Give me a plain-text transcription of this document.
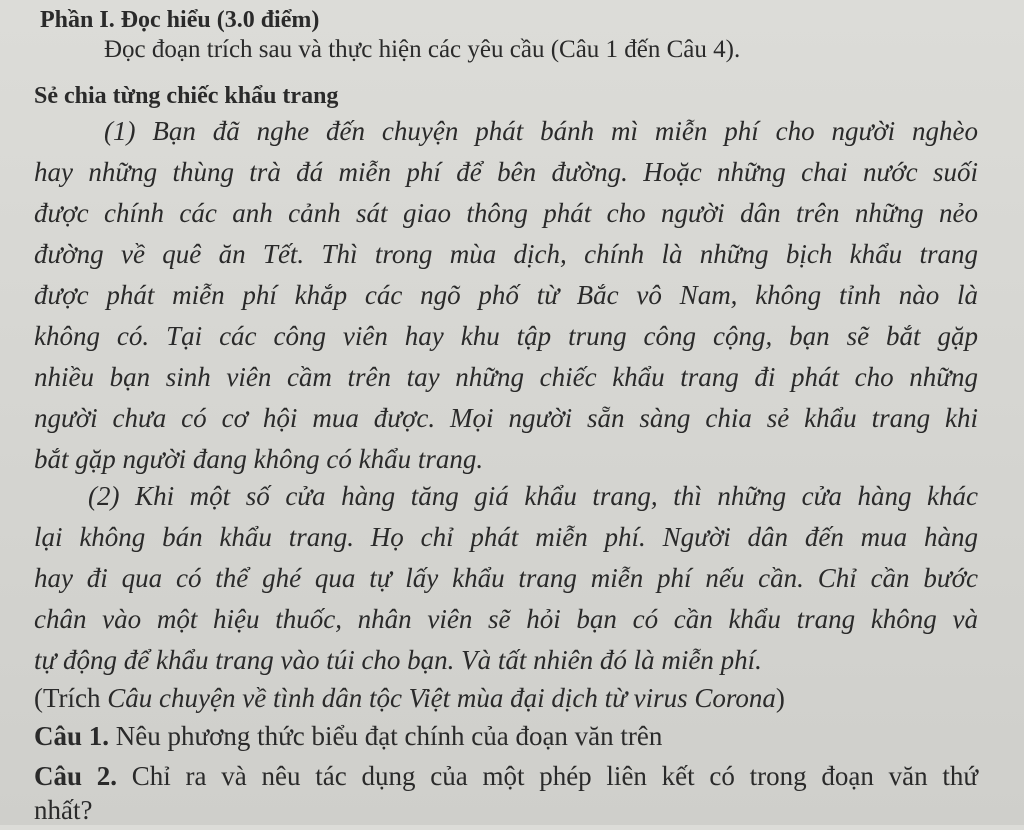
Phần I. Đọc hiểu (3.0 điểm)
Đọc đoạn trích sau và thực hiện các yêu cầu (Câu 1 đến Câu 4).
Sẻ chia từng chiếc khẩu trang
(1) Bạn đã nghe đến chuyện phát bánh mì miễn phí cho người nghèo
hay những thùng trà đá miễn phí để bên đường. Hoặc những chai nước suối
được chính các anh cảnh sát giao thông phát cho người dân trên những nẻo
đường về quê ăn Tết. Thì trong mùa dịch, chính là những bịch khẩu trang
được phát miễn phí khắp các ngõ phố từ Bắc vô Nam, không tỉnh nào là
không có. Tại các công viên hay khu tập trung công cộng, bạn sẽ bắt gặp
nhiều bạn sinh viên cầm trên tay những chiếc khẩu trang đi phát cho những
người chưa có cơ hội mua được. Mọi người sẵn sàng chia sẻ khẩu trang khi
bắt gặp người đang không có khẩu trang.
(2) Khi một số cửa hàng tăng giá khẩu trang, thì những cửa hàng khác
lại không bán khẩu trang. Họ chỉ phát miễn phí. Người dân đến mua hàng
hay đi qua có thể ghé qua tự lấy khẩu trang miễn phí nếu cần. Chỉ cần bước
chân vào một hiệu thuốc, nhân viên sẽ hỏi bạn có cần khẩu trang không và
tự động để khẩu trang vào túi cho bạn. Và tất nhiên đó là miễn phí.
(Trích Câu chuyện về tình dân tộc Việt mùa đại dịch từ virus Corona)
Câu 1. Nêu phương thức biểu đạt chính của đoạn văn trên
Câu 2. Chỉ ra và nêu tác dụng của một phép liên kết có trong đoạn văn thứ
nhất?
